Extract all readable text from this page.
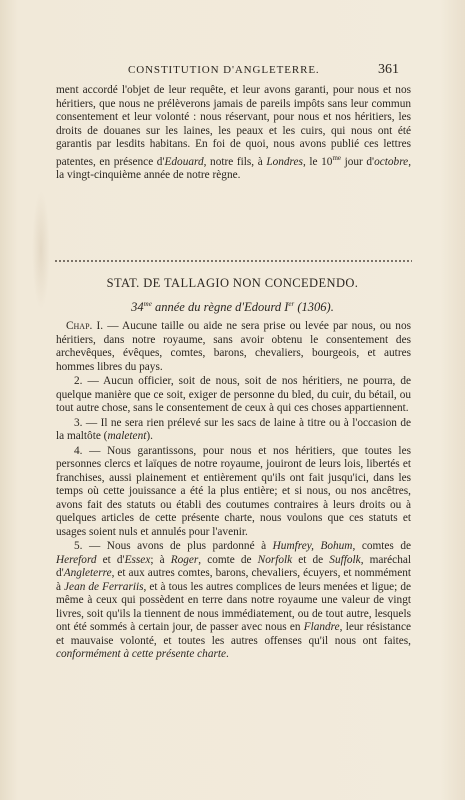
CONSTITUTION D'ANGLETERRE.	361
ment accordé l'objet de leur requête, et leur avons garanti, pour nous et nos héritiers, que nous ne prélèverons jamais de pareils impôts sans leur commun consentement et leur volonté : nous réservant, pour nous et nos héritiers, les droits de douanes sur les laines, les peaux et les cuirs, qui nous ont été garantis par lesdits habitans. En foi de quoi, nous avons publié ces lettres patentes, en présence d'Edouard, notre fils, à Londres, le $10^{me}$ jour d'octobre, la vingt-cinquième année de notre règne.
STAT. DE TALLAGIO NON CONCEDENDO.
$34^{me}$ année du règne d'Edourd Ier (1306).

Chap. I. — Aucune taille ou aide ne sera prise ou levée par nous, ou nos héritiers, dans notre royaume, sans avoir obtenu le consentement des archevêques, évêques, comtes, barons, chevaliers, bourgeois, et autres hommes libres du pays.

2. — Aucun officier, soit de nous, soit de nos héritiers, ne pourra, de quelque manière que ce soit, exiger de personne du bled, du cuir, du bétail, ou tout autre chose, sans le consentement de ceux à qui ces choses appartiennent.

3. — Il ne sera rien prélevé sur les sacs de laine à titre ou à l'occasion de la maltôte (maletent).

4. — Nous garantissons, pour nous et nos héritiers, que toutes les personnes clercs et laïques de notre royaume, jouiront de leurs lois, libertés et franchises, aussi plainement et entièrement qu'ils ont fait jusqu'ici, dans les temps où cette jouissance a été la plus entière; et si nous, ou nos ancêtres, avons fait des statuts ou établi des coutumes contraires à leurs droits ou à quelques articles de cette présente charte, nous voulons que ces statuts et usages soient nuls et annulés pour l'avenir.

5. — Nous avons de plus pardonné à Humfrey, Bohum, comtes de Hereford et d'Essex; à Roger, comte de Norfolk et de Suffolk, maréchal d'Angleterre, et aux autres comtes, barons, chevaliers, écuyers, et nommément à Jean de Ferrariis, et à tous les autres complices de leurs menées et ligue; de même à ceux qui possèdent en terre dans notre royaume une valeur de vingt livres, soit qu'ils la tiennent de nous immédiatement, ou de tout autre, lesquels ont été sommés à certain jour, de passer avec nous en Flandre, leur résistance et mauvaise volonté, et toutes les autres offenses qu'il nous ont faites, conformément à cette présente charte.
